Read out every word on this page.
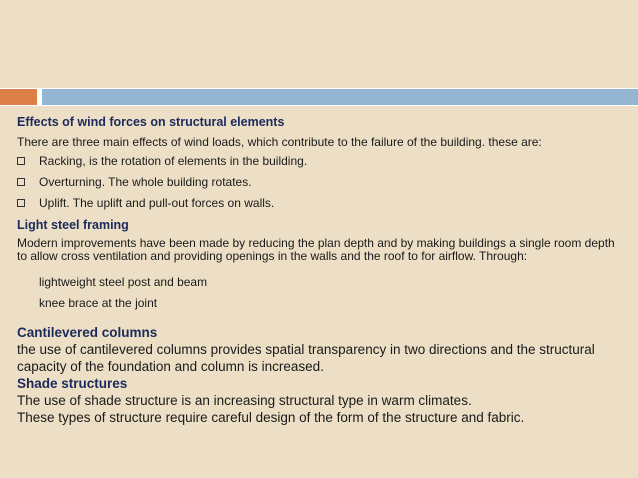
Effects of wind forces on structural elements

There are three main effects of wind loads, which contribute to the failure of the building. these are:

Racking, is the rotation of elements in the building.
Overturning. The whole building rotates.
Uplift. The uplift and pull-out forces on walls.

Light steel framing

Modern improvements have been made by reducing the plan depth and by making buildings a single room depth to allow cross ventilation and providing openings in the walls and the roof to for airflow. Through:

lightweight steel post and beam
knee brace at the joint

Cantilevered columns

the use of cantilevered columns provides spatial transparency in two directions and the structural capacity of the foundation and column is increased.

Shade structures

The use of shade structure is an increasing structural type in warm climates.

These types of structure require careful design of the form of the structure and fabric.
